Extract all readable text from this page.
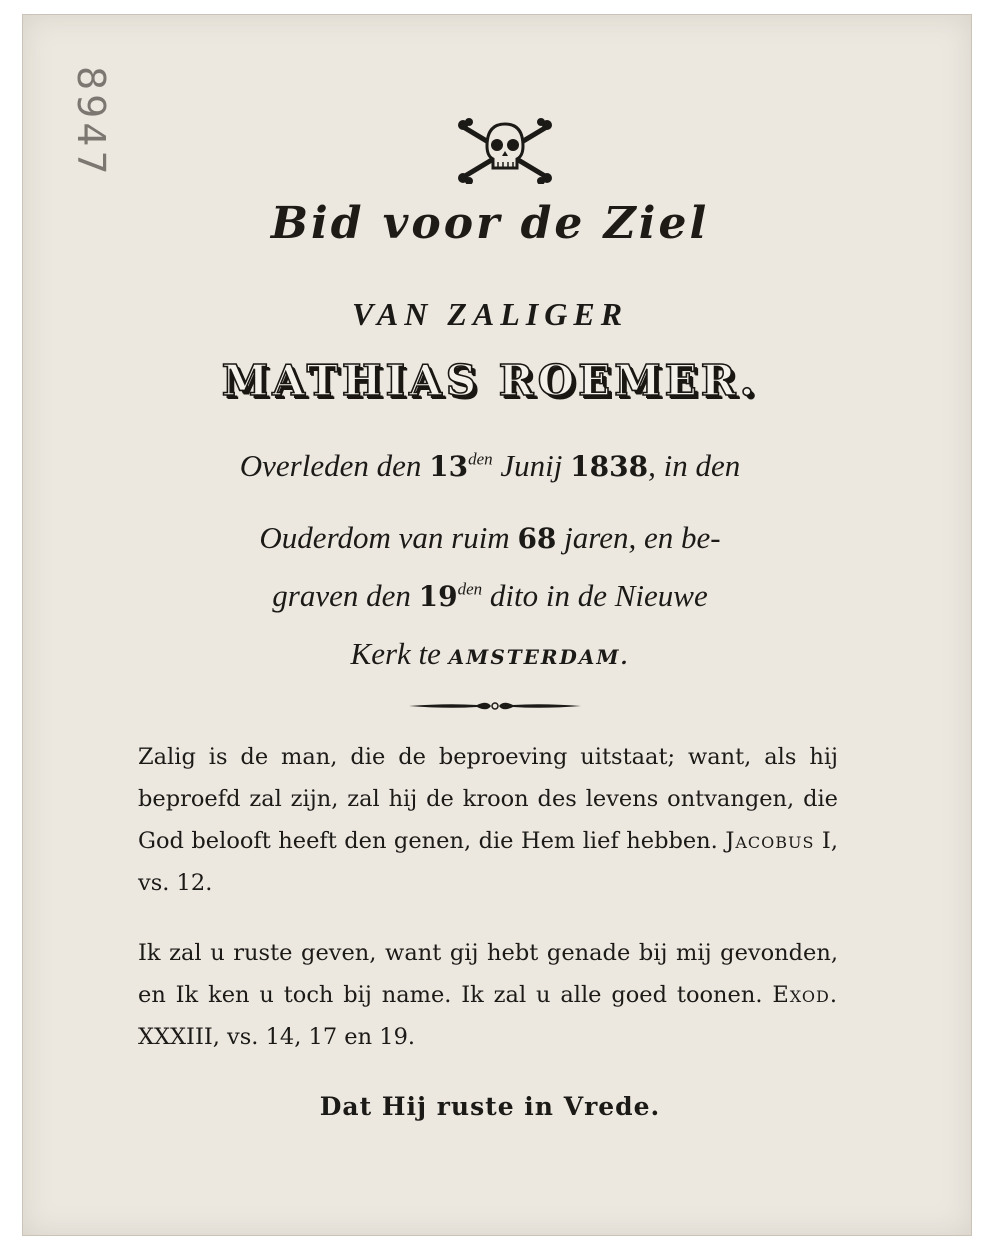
8947
Bid voor de Ziel
VAN ZALIGER
MATHIAS ROEMER.
Overleden den $13^{den}$ Junij 1838, in den
Ouderdom van ruim 68 jaren, en be-
graven den $19^{den}$ dito in de Nieuwe
Kerk te AMSTERDAM.
Zalig is de man, die de beproeving uitstaat; want, als hij beproefd zal zijn, zal hij de kroon des levens ontvangen, die God belooft heeft den genen, die Hem lief hebben. Jacobus I, vs. 12.
Ik zal u ruste geven, want gij hebt genade bij mij gevonden, en Ik ken u toch bij name. Ik zal u alle goed toonen. Exod. XXXIII, vs. 14, 17 en 19.
Dat Hij ruste in Vrede.
